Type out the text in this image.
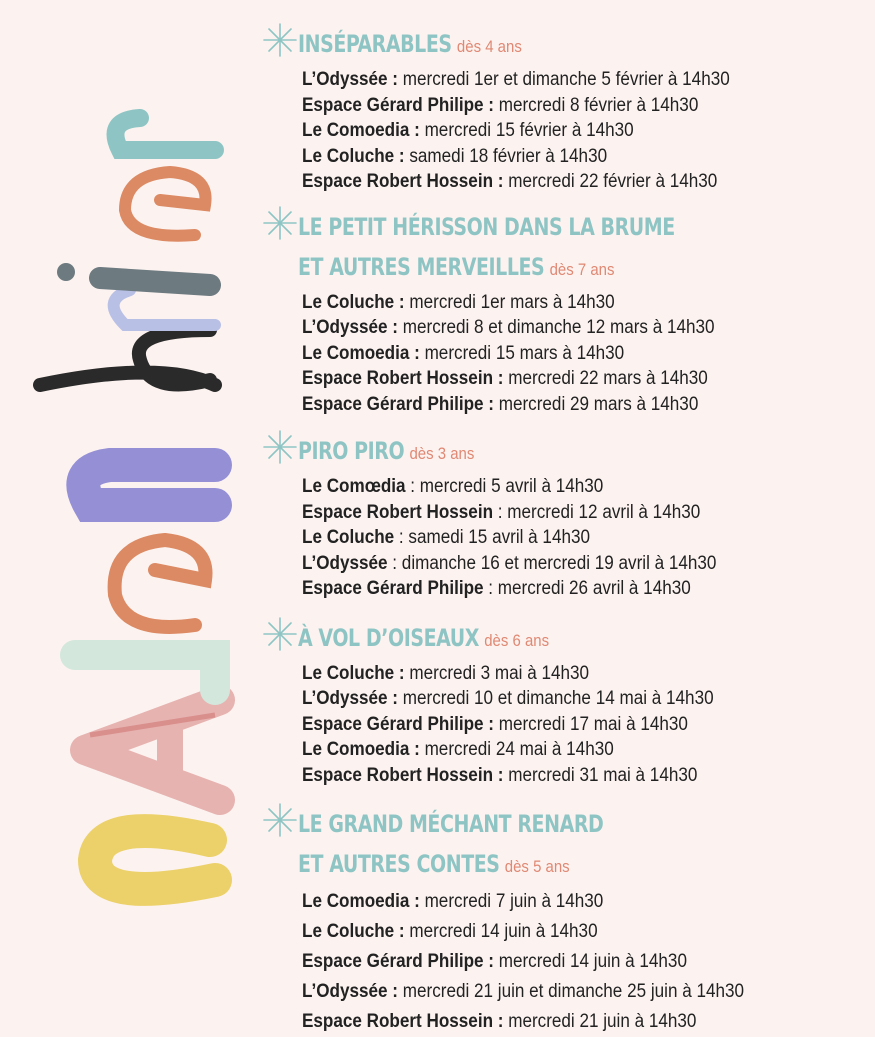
INSÉPARABLES dès 4 ans
L’Odyssée : mercredi 1er et dimanche 5 février à 14h30
Espace Gérard Philipe : mercredi 8 février à 14h30
Le Comoedia : mercredi 15 février à 14h30
Le Coluche : samedi 18 février à 14h30
Espace Robert Hossein : mercredi 22 février à 14h30
LE PETIT HÉRISSON DANS LA BRUME
ET AUTRES MERVEILLES dès 7 ans
Le Coluche : mercredi 1er mars à 14h30
L’Odyssée : mercredi 8 et dimanche 12 mars à 14h30
Le Comoedia : mercredi 15 mars à 14h30
Espace Robert Hossein : mercredi 22 mars à 14h30
Espace Gérard Philipe : mercredi 29 mars à 14h30
PIRO PIRO dès 3 ans
Le Comœdia : mercredi 5 avril à 14h30
Espace Robert Hossein : mercredi 12 avril à 14h30
Le Coluche : samedi 15 avril à 14h30
L’Odyssée : dimanche 16 et mercredi 19 avril à 14h30
Espace Gérard Philipe : mercredi 26 avril à 14h30
À VOL D’OISEAUX dès 6 ans
Le Coluche : mercredi 3 mai à 14h30
L’Odyssée : mercredi 10 et dimanche 14 mai à 14h30
Espace Gérard Philipe : mercredi 17 mai à 14h30
Le Comoedia : mercredi 24 mai à 14h30
Espace Robert Hossein : mercredi 31 mai à 14h30
LE GRAND MÉCHANT RENARD
ET AUTRES CONTES dès 5 ans
Le Comoedia : mercredi 7 juin à 14h30
Le Coluche : mercredi 14 juin à 14h30
Espace Gérard Philipe : mercredi 14 juin à 14h30
L’Odyssée : mercredi 21 juin et dimanche 25 juin à 14h30
Espace Robert Hossein : mercredi 21 juin à 14h30
